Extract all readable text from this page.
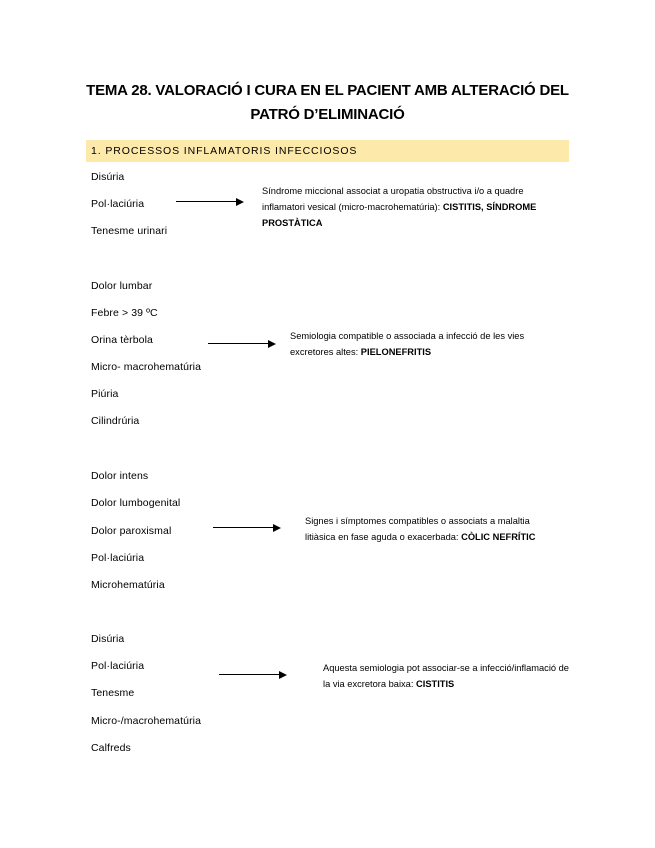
TEMA 28. VALORACIÓ I CURA EN EL PACIENT AMB ALTERACIÓ DEL
PATRÓ D’ELIMINACIÓ
1. PROCESSOS INFLAMATORIS INFECCIOSOS
Disúria
Pol·laciúria
Tenesme urinari
Síndrome miccional associat a uropatia obstructiva i/o a quadre
inflamatori vesical (micro-macrohematúria): CISTITIS, SÍNDROME
PROSTÀTICA
Dolor lumbar
Febre > 39 ºC
Orina tèrbola
Micro- macrohematúria
Piúria
Cilindrúria
Semiologia compatible o associada a infecció de les vies
excretores altes: PIELONEFRITIS
Dolor intens
Dolor lumbogenital
Dolor paroxismal
Pol·laciúria
Microhematúria
Signes i símptomes compatibles o associats a malaltia
litiàsica en fase aguda o exacerbada: CÒLIC NEFRÍTIC
Disúria
Pol·laciúria
Tenesme
Micro-/macrohematúria
Calfreds
Aquesta semiologia pot associar-se a infecció/inflamació de
la via excretora baixa: CISTITIS
